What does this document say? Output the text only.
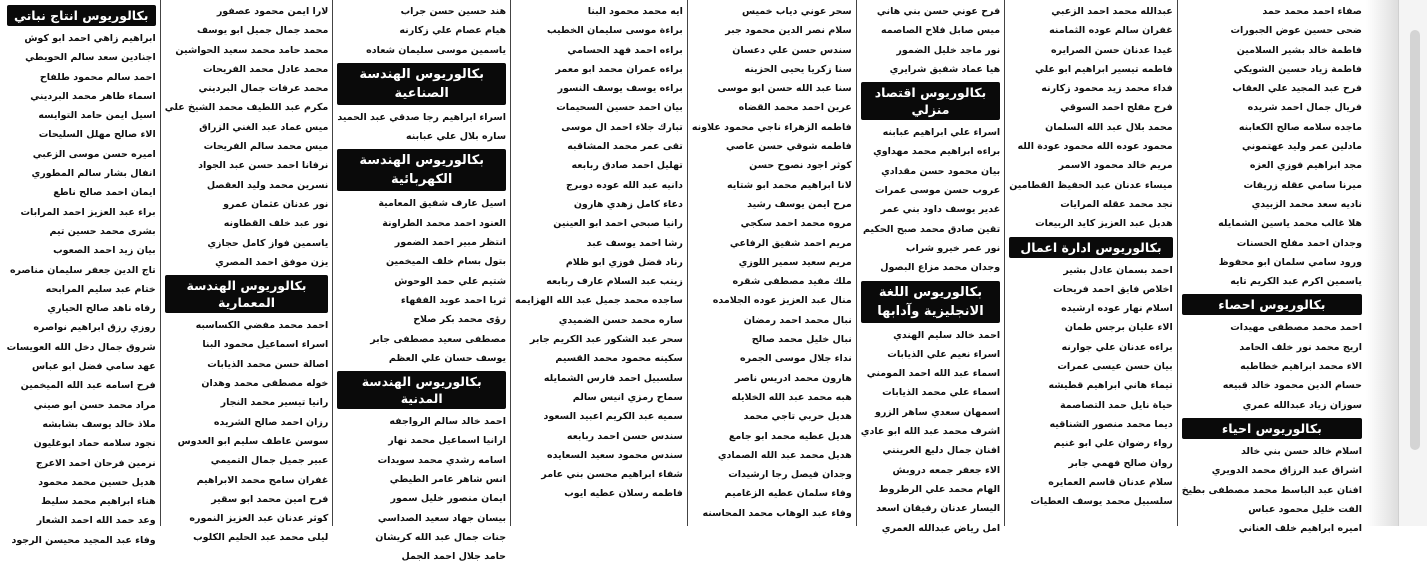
صفاء احمد محمد حمد
ضحى حسين عوض الجبورات
فاطمة خالد بشير السلامين
فاطمة زياد حسين الشويكي
فرح عبد المجيد علي العقاب
فريال جمال احمد شريده
ماجده سلامه صالح الكعابنه
مادلين عمر وليد عهتموني
مجد ابراهيم فوزي العزه
ميرنا سامي عقله زريقات
ناديه سعد محمد الزبيدي
هلا غالب محمد ياسين الشمايله
وجدان احمد مفلح الحسنات
ورود سامي سلمان ابو محفوظ
ياسمين اكرم عبد الكريم تايه
بكالوريوس احصاء
احمد محمد مصطفى مهيدات
اريج محمد نور خلف الحامد
الاء محمد ابراهيم خطاطبه
حسام الدين محمود خالد قبيعه
سوزان زياد عبدالله عمري
بكالوريوس احياء
اسلام خالد حسن بني خالد
اشراق عبد الرزاق محمد الدويري
افنان عبد الباسط محمد مصطفى بطيخ
الفت خليل محمود عباس
اميره ابراهيم خلف العناني
عبدالله محمد احمد الزعبي
غفران سالم عوده الثمامنه
غيدا عدنان حسن الصرايره
فاطمه تيسير ابراهيم ابو علي
فداء محمد زيد محمود زكارنه
فرح مفلح احمد السوقي
محمد بلال عبد الله السلمان
محمود عوده الله محمود عودة الله
مريم خالد محمود الاسمر
ميساء عدنان عبد الحفيظ القطامين
نجد محمد عقله المرايات
هديل عبد العزيز كايد الربيعات
بكالوريوس ادارة اعمال
احمد بسمان عادل بشير
اخلاص فايق احمد فريحات
اسلام نهار عوده ارشيده
الاء عليان برجس طمان
براءه عدنان علي جوارنه
بيان حسن عيسى عمرات
تيماء هاني ابراهيم قطيشه
حياة نايل حمد التصاصمة
ديما محمد منصور الشناقيه
رواء رضوان علي ابو غنيم
روان صالح فهمي جابر
سلام عدنان قاسم العمايره
سلسبيل محمد يوسف العطيات
فرح عوني حسن بني هاني
ميس صابل فلاح الصاصمه
نور ماجد خليل الضمور
هيا عماد شفيق شرايري
بكالوريوس اقتصاد منزلي
اسراء علي ابراهيم عبابنه
براءه ابراهيم محمد مهداوي
بيان محمود حسن مقدادي
عروب حسن موسى عمرات
غدير يوسف داود بني عمر
تقين صادق محمد صبح الحكيم
نور عمر خيرو شراب
وجدان محمد مزاع البصول
بكالوريوس اللغة الانجليزية وآدابها
احمد خالد سليم الهندي
اسراء نعيم علي الذيابات
اسماء عبد الله احمد المومني
اسماء علي محمد الذيابات
اسمهان سعدي ساهر الزرو
اشرف محمد عبد الله ابو عادي
افنان جمال دليع العرينني
الاء جعفر جمعه دروبش
الهام محمد علي الرطروط
اليسار عدنان رفيقان اسعد
امل رياض عبدالله العمري
سحر عوني دياب خميس
سلام نصر الدين محمود جبر
سندس حسن علي دعسان
سنا زكريا يحيى الحزينه
سنا عبد الله حسن ابو موسى
عرين احمد محمد القضاه
فاطمه الزهراء ناجي محمود علاونه
فاطمه شوقي حسن عاصي
كوثر اجود نصوح حسن
لانا ابراهيم محمد ابو شتايه
مرح ايمن يوسف رشيد
مروه محمد احمد سكجي
مريم احمد شفيق الرفاعي
مريم سعيد سمير اللوزي
ملك مفيد مصطفى شقره
منال عبد العزيز عوده الجلامده
نبال محمد احمد رمضان
نبال خليل محمد صالح
نداء جلال موسى الجمره
هارون محمد ادريس ناصر
هبه محمد عبد الله الخلايله
هديل حربي تاجي محمد
هديل عطيه محمد ابو جامع
هديل محمد عبد الله الصمادي
وجدان فيصل رجا ارشيدات
وفاء سلمان عطيه الزغاميم
وفاء عبد الوهاب محمد المحاسنه
ايه محمد محمود البنا
براءة موسى سليمان الخطيب
براءه احمد فهد الحسامي
براءه عمران محمد ابو معمر
براءه يوسف يوسف النسور
بيان احمد حسين السحيمات
تبارك جلاء احمد ال موسى
تقى عمر محمد المشاقبه
تهليل احمد صادق ربابعه
دانيه عبد الله عوده دويرج
دعاء كامل زهدي هارون
رانيا صبحي احمد ابو العينين
رشا احمد يوسف عبد
رناد فضل فوزي ابو ظلام
زينب عبد السلام عارف ربابعه
ساجده محمد جميل عبد الله الهزايمه
ساره محمد حسن الضميدي
سحر عبد الشكور عبد الكريم جابر
سكينه محمود محمد القسيم
سلسبيل احمد فارس الشمايله
سماح رمزي انيس سالم
سميه عبد الكريم اعبيد السعود
سندس حسن احمد ربابعه
سندس محمود سعيد السعايده
شفاء ابراهيم محسن بني عامر
فاطمه رسلان عطيه ايوب
هند حسين حسن جراب
هيام عصام علي زكارنه
ياسمين موسى سليمان شعاده
بكالوريوس الهندسة الصناعية
اسراء ابراهيم رجا صدقي عبد الحميد
ساره بلال علي عبابنه
بكالوريوس الهندسة الكهربائية
اسيل عارف شفيق المعامية
العنود احمد محمد الطراونة
انتظر مبير احمد الضمور
بتول بسام خلف الميخمين
شتيم علي حمد الوحوش
ثريا احمد عويد الفقهاء
رؤى محمد بكر صلاح
مصطفى سعيد مصطفى جابر
يوسف حسان علي العظم
بكالوريوس الهندسة المدنية
احمد خالد سالم الرواجفه
ارانيا اسماعيل محمد نهار
اسامه رشدي محمد سويدات
انس شاهر عامر الطيطي
ايمان منصور خليل سمور
بيسان جهاد سعيد الصداسي
جنات جمال عبد الله كريشان
حامد جلال احمد الجمل
لارا ايمن محمود عصفور
محمد جمال جميل ابو يوسف
محمد حامد محمد سعيد الحواشين
محمد عادل محمد الفريحات
محمد عرفات جمال البرديني
مكرم عبد اللطيف محمد الشيخ علي
ميس عماد عبد الغني الزراق
ميس محمد سالم الفريحات
نرفانا احمد حسن عبد الجواد
نسرين محمد وليد العقصل
نور عدنان عثمان عمرو
نور عبد خلف القطاونه
ياسمين فواز كامل حجازي
يزن موفق احمد المصري
بكالوريوس الهندسة المعمارية
احمد محمد مفضي الكساسبه
اسراء اسماعيل محمود البنا
اصالة حسن محمد الذيابات
خوله مصطفى محمد وهدان
رانيا تيسير محمد النجار
رزان احمد صالح الشريده
سوسن عاطف سليم ابو العدوس
عبير جميل جمال التميمي
غفران سامح محمد الابراهيم
فرح امين محمد ابو سقير
كوثر عدنان عبد العزيز النموره
ليلى محمد عبد الحليم الكلوب
بكالوريوس انتاج نباتي
ابراهيم زاهي احمد ابو كوش
اجنادين سعد سالم الحويطي
احمد سالم محمود طلفاح
اسماء طاهر محمد البرديني
اسيل ايمن حامد التوايسه
الاء صالح مهلل السليحات
اميره حسن موسى الزعبي
انفال بشار سالم المطوري
ايمان احمد صالح ناطع
براء عبد العزيز احمد المرابات
بشرى محمد حسين تيم
بيان زيد احمد الصعوب
تاج الدين جعفر سليمان مناصره
ختام عبد سليم المرابحه
رفاه ناهد صالح الحياري
روزي رزق ابراهيم نواصره
شروق جمال دخل الله العويسات
عهد سامي فضل ابو عباس
فرح اسامه عبد الله الميخمين
مراد محمد حسن ابو صيني
ملاذ خالد يوسف بشابشه
نجود سلامه حماد ابوغليون
نرمين فرحان احمد الاعرج
هديل حسين محمد محمود
هناء ابراهيم محمد سليط
وعد حمد الله احمد الشعار
وفاء عبد المجيد محيسن الرجود
